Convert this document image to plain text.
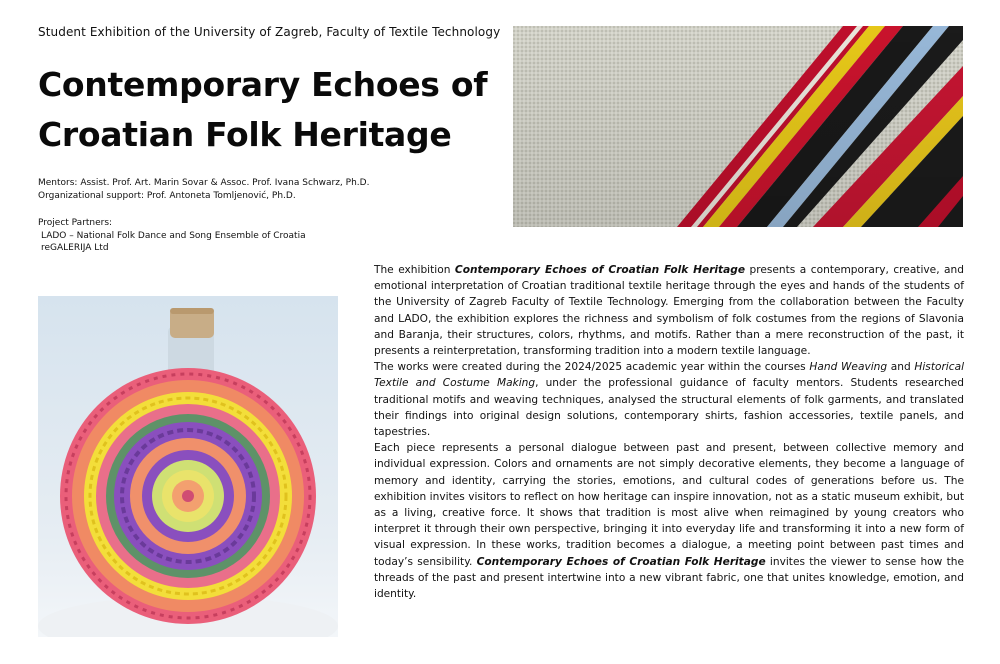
Student Exhibition of the University of Zagreb, Faculty of Textile Technology
Contemporary Echoes of
Croatian Folk Heritage
Mentors: Assist. Prof. Art. Marin Sovar & Assoc. Prof. Ivana Schwarz, Ph.D.
Organizational support: Prof. Antoneta Tomljenović, Ph.D.
Project Partners:
LADO – National Folk Dance and Song Ensemble of Croatia
reGALERIJA Ltd

The exhibition Contemporary Echoes of Croatian Folk Heritage presents a contemporary, creative, and emotional interpretation of Croatian traditional textile heritage through the eyes and hands of the students of the University of Zagreb Faculty of Textile Technology. Emerging from the collaboration between the Faculty and LADO, the exhibition explores the richness and symbolism of folk costumes from the regions of Slavonia and Baranja, their structures, colors, rhythms, and motifs. Rather than a mere reconstruction of the past, it presents a reinterpretation, transforming tradition into a modern textile language.

The works were created during the 2024/2025 academic year within the courses Hand Weaving and Historical Textile and Costume Making, under the professional guidance of faculty mentors. Students researched traditional motifs and weaving techniques, analysed the structural elements of folk garments, and translated their findings into original design solutions, contemporary shirts, fashion accessories, textile panels, and tapestries.

Each piece represents a personal dialogue between past and present, between collective memory and individual expression. Colors and ornaments are not simply decorative elements, they become a language of memory and identity, carrying the stories, emotions, and cultural codes of generations before us. The exhibition invites visitors to reflect on how heritage can inspire innovation, not as a static museum exhibit, but as a living, creative force. It shows that tradition is most alive when reimagined by young creators who interpret it through their own perspective, bringing it into everyday life and transforming it into a new form of visual expression. In these works, tradition becomes a dialogue, a meeting point between past times and today’s sensibility. Contemporary Echoes of Croatian Folk Heritage invites the viewer to sense how the threads of the past and present intertwine into a new vibrant fabric, one that unites knowledge, emotion, and identity.
